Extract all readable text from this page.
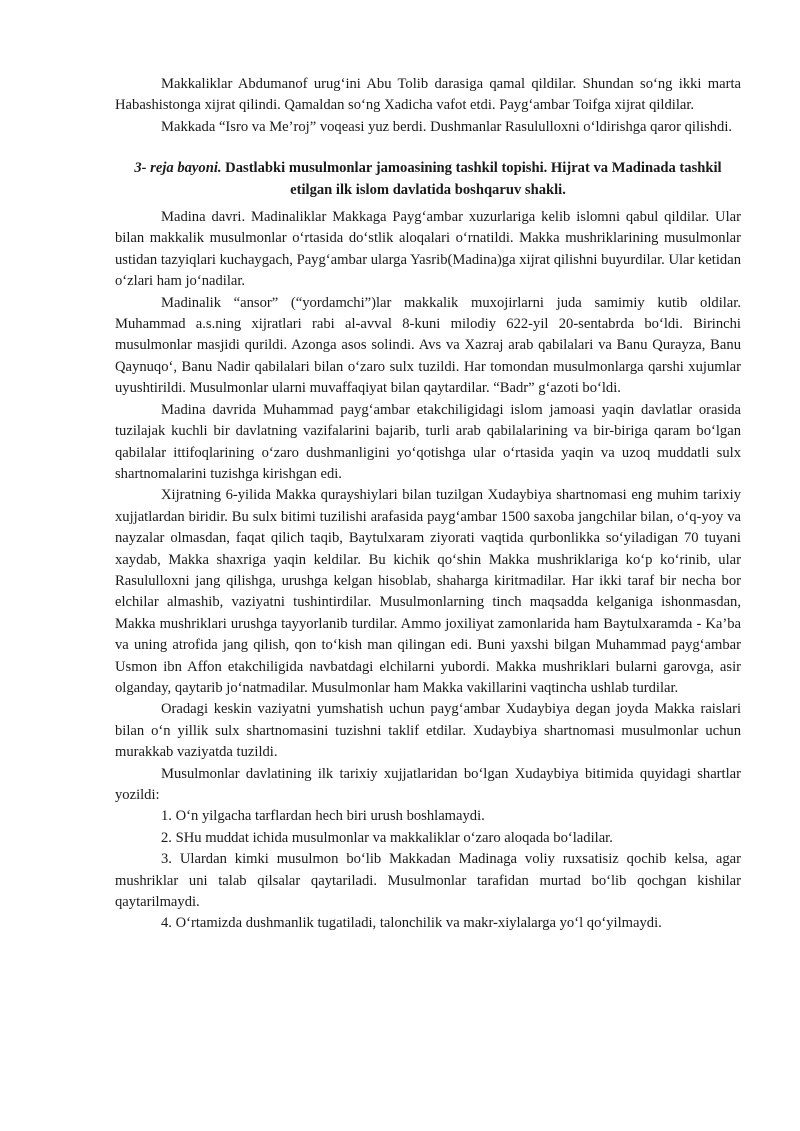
Makkaliklar Abdumanof urug‘ini Abu Tolib darasiga qamal qildilar. Shundan so‘ng ikki marta Habashistonga xijrat qilindi. Qamaldan so‘ng Xadicha vafot etdi. Payg‘ambar Toifga xijrat qildilar.

Makkada “Isro va Me’roj” voqeasi yuz berdi. Dushmanlar Rasululloxni o‘ldirishga qaror qilishdi.

3- reja bayoni. Dastlabki musulmonlar jamoasining tashkil topishi. Hijrat va Madinada tashkil etilgan ilk islom davlatida boshqaruv shakli.

Madina davri. Madinaliklar Makkaga Payg‘ambar xuzurlariga kelib islomni qabul qildilar. Ular bilan makkalik musulmonlar o‘rtasida do‘stlik aloqalari o‘rnatildi. Makka mushriklarining musulmonlar ustidan tazyiqlari kuchaygach, Payg‘ambar ularga Yasrib(Madina)ga xijrat qilishni buyurdilar. Ular ketidan o‘zlari ham jo‘nadilar.

Madinalik “ansor” (“yordamchi”)lar makkalik muxojirlarni juda samimiy kutib oldilar. Muhammad a.s.ning xijratlari rabi al-avval 8-kuni milodiy 622-yil 20-sentabrda bo‘ldi. Birinchi musulmonlar masjidi qurildi. Azonga asos solindi. Avs va Xazraj arab qabilalari va Banu Qurayza, Banu Qaynuqo‘, Banu Nadir qabilalari bilan o‘zaro sulx tuzildi. Har tomondan musulmonlarga qarshi xujumlar uyushtirildi. Musulmonlar ularni muvaffaqiyat bilan qaytardilar. “Badr” g‘azoti bo‘ldi.

Madina davrida Muhammad payg‘ambar etakchiligidagi islom jamoasi yaqin davlatlar orasida tuzilajak kuchli bir davlatning vazifalarini bajarib, turli arab qabilalarining va bir-biriga qaram bo‘lgan qabilalar ittifoqlarining o‘zaro dushmanligini yo‘qotishga ular o‘rtasida yaqin va uzoq muddatli sulx shartnomalarini tuzishga kirishgan edi.

Xijratning 6-yilida Makka qurayshiylari bilan tuzilgan Xudaybiya shartnomasi eng muhim tarixiy xujjatlardan biridir. Bu sulx bitimi tuzilishi arafasida payg‘ambar 1500 saxoba jangchilar bilan, o‘q-yoy va nayzalar olmasdan, faqat qilich taqib, Baytulxaram ziyorati vaqtida qurbonlikka so‘yiladigan 70 tuyani xaydab, Makka shaxriga yaqin keldilar. Bu kichik qo‘shin Makka mushriklariga ko‘p ko‘rinib, ular Rasululloxni jang qilishga, urushga kelgan hisoblab, shaharga kiritmadilar. Har ikki taraf bir necha bor elchilar almashib, vaziyatni tushintirdilar. Musulmonlarning tinch maqsadda kelganiga ishonmasdan, Makka mushriklari urushga tayyorlanib turdilar. Ammo joxiliyat zamonlarida ham Baytulxaramda - Ka’ba va uning atrofida jang qilish, qon to‘kish man qilingan edi. Buni yaxshi bilgan Muhammad payg‘ambar Usmon ibn Affon etakchiligida navbatdagi elchilarni yubordi. Makka mushriklari bularni garovga, asir olganday, qaytarib jo‘natmadilar. Musulmonlar ham Makka vakillarini vaqtincha ushlab turdilar.

Oradagi keskin vaziyatni yumshatish uchun payg‘ambar Xudaybiya degan joyda Makka raislari bilan o‘n yillik sulx shartnomasini tuzishni taklif etdilar. Xudaybiya shartnomasi musulmonlar uchun murakkab vaziyatda tuzildi.

Musulmonlar davlatining ilk tarixiy xujjatlaridan bo‘lgan Xudaybiya bitimida quyidagi shartlar yozildi:

1. O‘n yilgacha tarflardan hech biri urush boshlamaydi.

2. SHu muddat ichida musulmonlar va makkaliklar o‘zaro aloqada bo‘ladilar.

3. Ulardan kimki musulmon bo‘lib Makkadan Madinaga voliy ruxsatisiz qochib kelsa, agar mushriklar uni talab qilsalar qaytariladi. Musulmonlar tarafidan murtad bo‘lib qochgan kishilar qaytarilmaydi.

4. O‘rtamizda dushmanlik tugatiladi, talonchilik va makr-xiylalarga yo‘l qo‘yilmaydi.
